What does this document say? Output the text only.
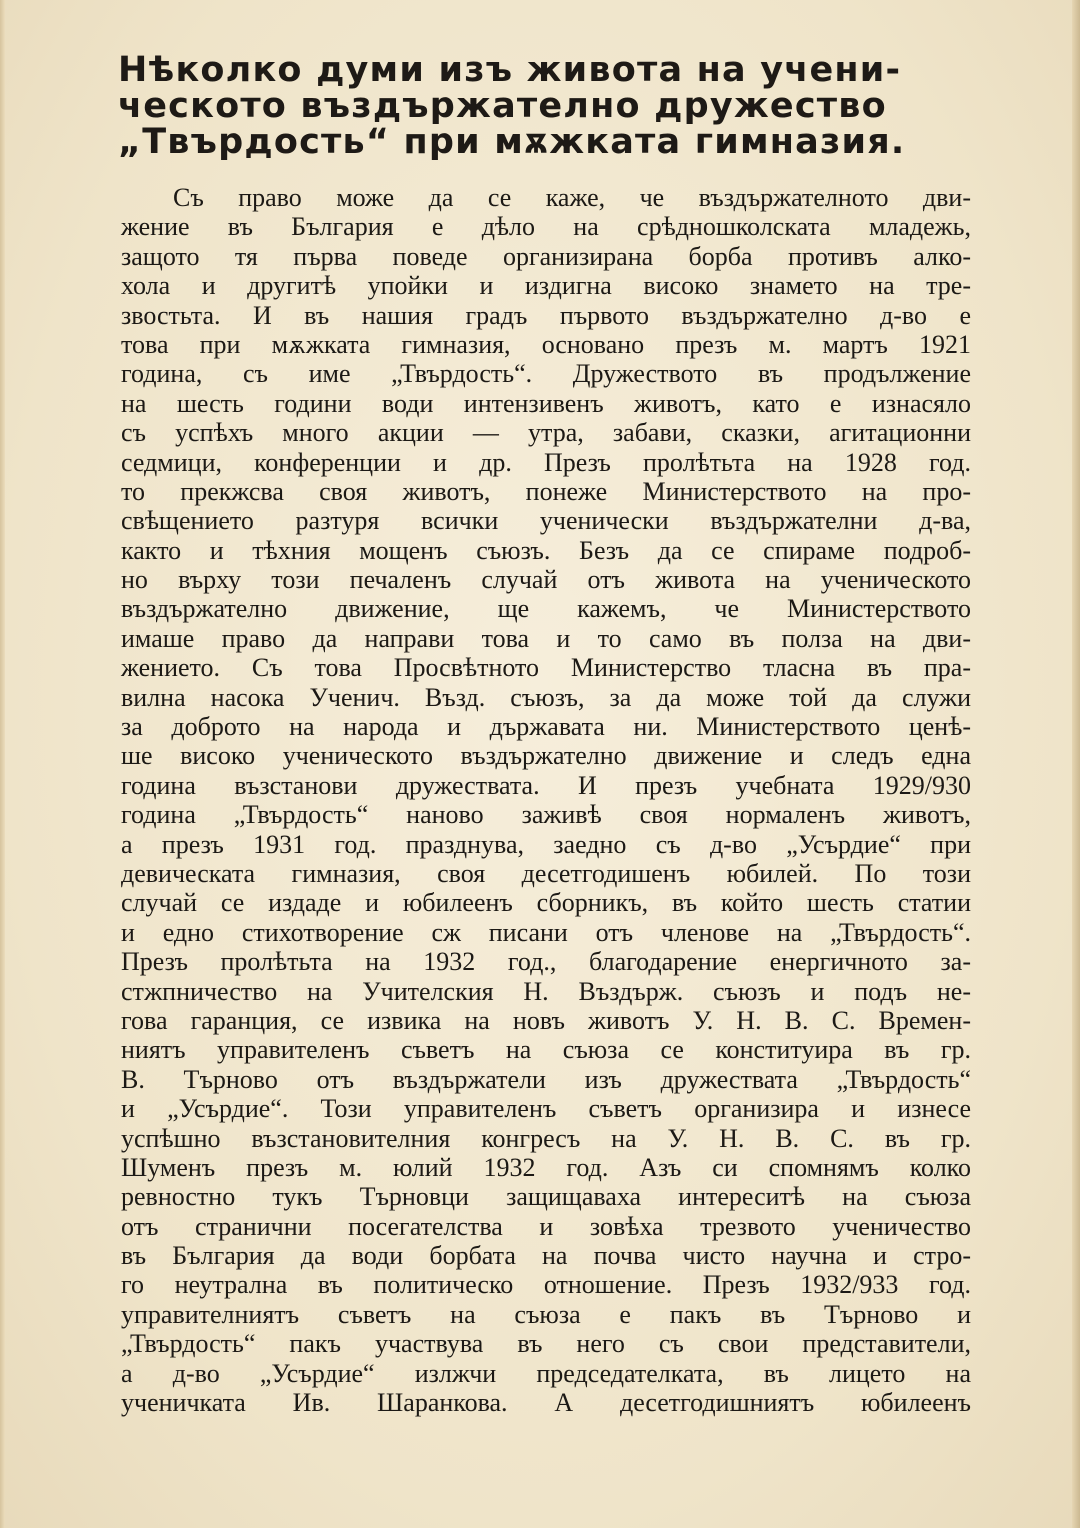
Нѣколко думи изъ живота на учени-
ческото въздържателно дружество
„Твърдость“ при мѫжката гимназия.
Съ право може да се каже, че въздържателното дви-
жение въ България е дѣло на срѣдношколската младежь,
защото тя първа поведе организирана борба противъ алко-
хола и другитѣ упойки и издигна високо знамето на тре-
звостьта. И въ нашия градъ първото въздържателно д-во е
това при мѫжката гимназия, основано презъ м. мартъ 1921
година, съ име „Твърдость“. Дружеството въ продължение
на шесть години води интензивенъ животъ, като е изнасяло
съ успѣхъ много акции — утра, забави, сказки, агитационни
седмици, конференции и др. Презъ пролѣтьта на 1928 год.
то прекжсва своя животъ, понеже Министерството на про-
свѣщението разтуря всички ученически въздържателни д-ва,
както и тѣхния мощенъ съюзъ. Безъ да се спираме подроб-
но върху този печаленъ случай отъ живота на ученическото
въздържателно движение, ще кажемъ, че Министерството
имаше право да направи това и то само въ полза на дви-
жението. Съ това Просвѣтното Министерство тласна въ пра-
вилна насока Ученич. Възд. съюзъ, за да може той да служи
за доброто на народа и държавата ни. Министерството ценѣ-
ше високо ученическото въздържателно движение и следъ една
година възстанови дружествата. И презъ учебната 1929/930
година „Твърдость“ наново заживѣ своя нормаленъ животъ,
а презъ 1931 год. празднува, заедно съ д-во „Усърдие“ при
девическата гимназия, своя десетгодишенъ юбилей. По този
случай се издаде и юбилеенъ сборникъ, въ който шесть статии
и едно стихотворение сж писани отъ членове на „Твърдость“.
Презъ пролѣтьта на 1932 год., благодарение енергичното за-
стжпничество на Учителския Н. Въздърж. съюзъ и подъ не-
гова гаранция, се извика на новъ животъ У. Н. В. С. Времен-
ниятъ управителенъ съветъ на съюза се конституира въ гр.
В. Търново отъ въздържатели изъ дружествата „Твърдость“
и „Усърдие“. Този управителенъ съветъ организира и изнесе
успѣшно възстановителния конгресъ на У. Н. В. С. въ гр.
Шуменъ презъ м. юлий 1932 год. Азъ си спомнямъ колко
ревностно тукъ Търновци защищаваха интереситѣ на съюза
отъ странични посегателства и зовѣха трезвото ученичество
въ България да води борбата на почва чисто научна и стро-
го неутрална въ политическо отношение. Презъ 1932/933 год.
управителниятъ съветъ на съюза е пакъ въ Търново и
„Твърдость“ пакъ участвува въ него съ свои представители,
а д-во „Усърдие“ излжчи председателката, въ лицето на
ученичката Ив. Шаранкова. А десетгодишниятъ юбилеенъ
